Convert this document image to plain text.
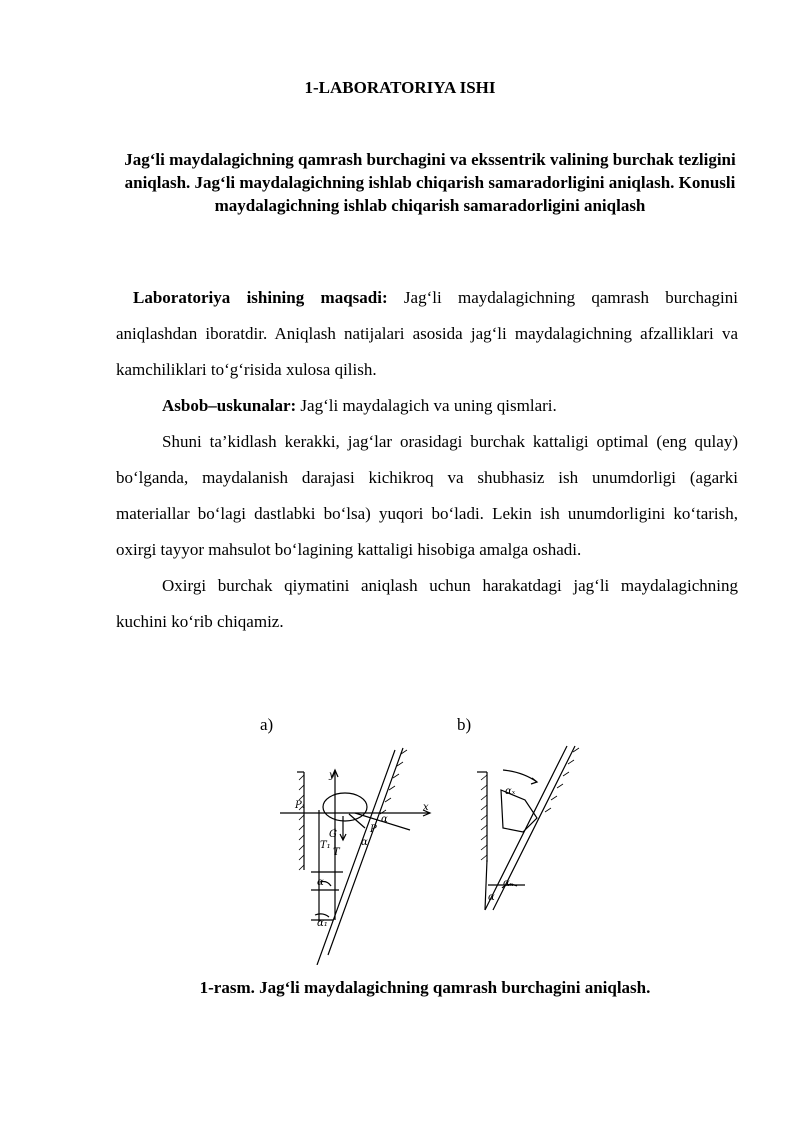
1-LABORATORIYA ISHI
Jag‘li maydalagichning qamrash burchagini va ekssentrik valining burchak tezligini aniqlash. Jag‘li maydalagichning ishlab chiqarish samaradorligini aniqlash. Konusli maydalagichning ishlab chiqarish samaradorligini aniqlash

Laboratoriya ishining maqsadi: Jag‘li maydalagichning qamrash burchagini aniqlashdan iboratdir. Aniqlash natijalari asosida jag‘li maydalagichning afzalliklari va kamchiliklari to‘g‘risida xulosa qilish.

Asbob–uskunalar: Jag‘li maydalagich va uning qismlari.

Shuni ta’kidlash kerakki, jag‘lar orasidagi burchak kattaligi optimal (eng qulay) bo‘lganda, maydalanish darajasi kichikroq va shubhasiz ish unumdorligi (agarki materiallar bo‘lagi dastlabki bo‘lsa) yuqori bo‘ladi. Lekin ish unumdorligini ko‘tarish, oxirgi tayyor mahsulot bo‘lagining kattaligi hisobiga amalga oshadi.

Oxirgi burchak qiymatini aniqlash uchun harakatdagi jag‘li maydalagichning kuchini ko‘rib chiqamiz.

a)	b)
y
x
P₁
α
P
G
T₁
T
α
α
α₁
αₓ
αₓ
α
1-rasm. Jag‘li maydalagichning qamrash burchagini aniqlash.
